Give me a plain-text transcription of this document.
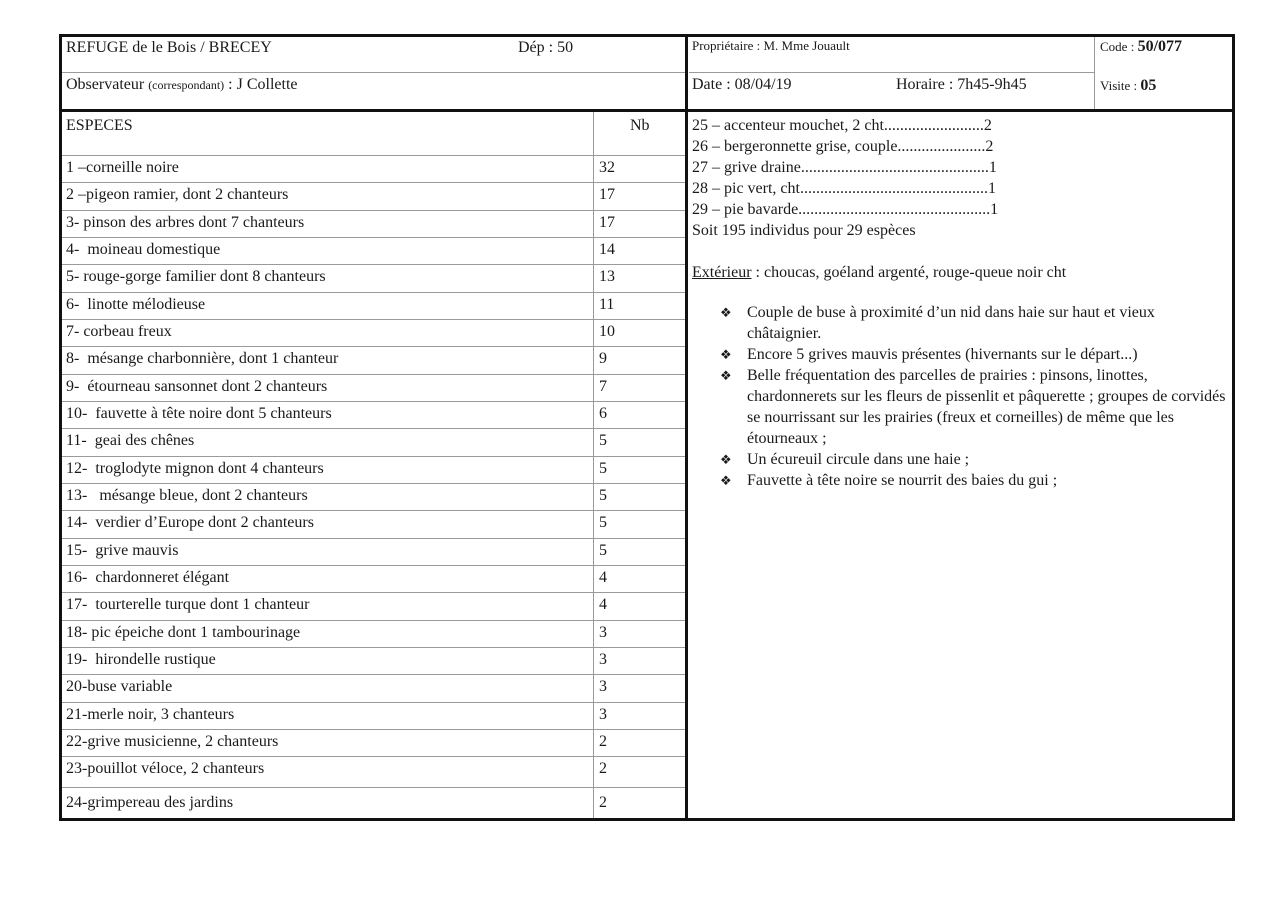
REFUGE de le Bois / BRECEY	Dép : 50
Observateur (correspondant) : J Collette
Propriétaire : M. Mme Jouault
Date : 08/04/19	Horaire : 7h45-9h45
Code : 50/077
Visite : 05
ESPECES	Nb
1 –corneille noire	32
2 –pigeon ramier, dont 2 chanteurs	17
3- pinson des arbres dont 7 chanteurs	17
4-  moineau domestique	14
5- rouge-gorge familier dont 8 chanteurs	13
6-  linotte mélodieuse	11
7- corbeau freux	10
8-  mésange charbonnière, dont 1 chanteur	9
9-  étourneau sansonnet dont 2 chanteurs	7
10-  fauvette à tête noire dont 5 chanteurs	6
11-  geai des chênes	5
12-  troglodyte mignon dont 4 chanteurs	5
13-   mésange bleue, dont 2 chanteurs	5
14-  verdier d’Europe dont 2 chanteurs	5
15-  grive mauvis	5
16-  chardonneret élégant	4
17-  tourterelle turque dont 1 chanteur	4
18- pic épeiche dont 1 tambourinage	3
19-  hirondelle rustique	3
20-buse variable	3
21-merle noir, 3 chanteurs	3
22-grive musicienne, 2 chanteurs	2
23-pouillot véloce, 2 chanteurs	2
24-grimpereau des jardins	2
25 – accenteur mouchet, 2 cht.........................2
26 – bergeronnette grise, couple......................2
27 – grive draine...............................................1
28 – pic vert, cht...............................................1
29 – pie bavarde................................................1
Soit 195 individus pour 29 espèces
Extérieur : choucas, goéland argenté, rouge-queue noir cht
❖ Couple de buse à proximité d’un nid dans haie sur haut et vieux châtaignier.
❖ Encore 5 grives mauvis présentes (hivernants sur le départ...)
❖ Belle fréquentation des parcelles de prairies : pinsons, linottes, chardonnerets sur les fleurs de pissenlit et pâquerette ; groupes de corvidés se nourrissant sur les prairies (freux et corneilles) de même que les étourneaux ;
❖ Un écureuil circule dans une haie ;
❖ Fauvette à tête noire se nourrit des baies du gui ;
